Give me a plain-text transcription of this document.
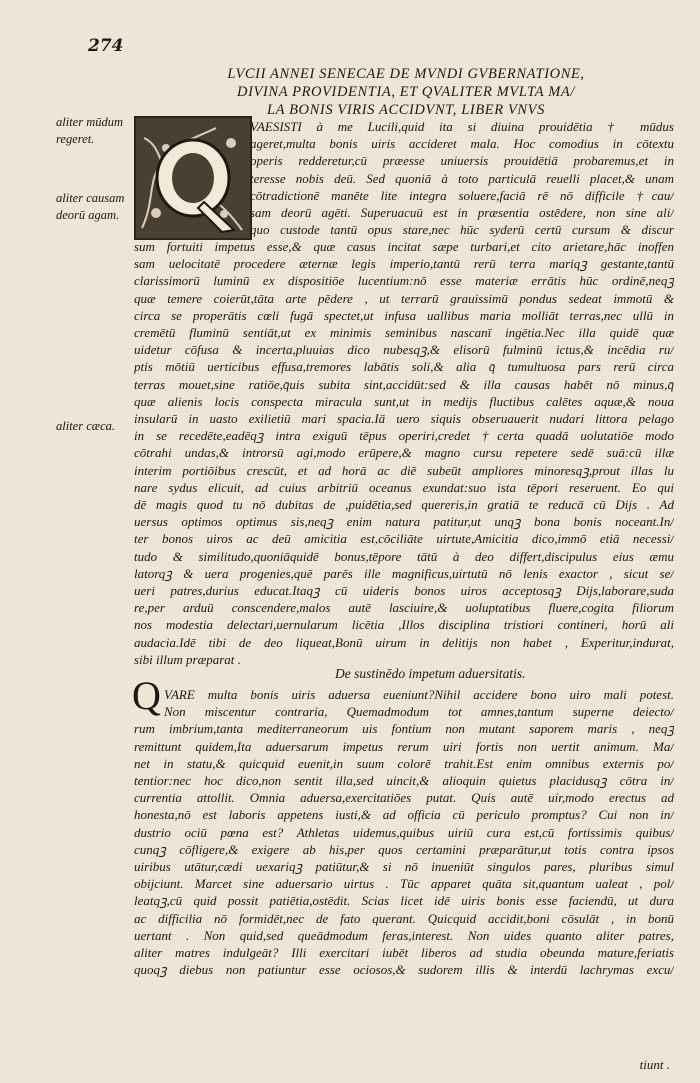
274
LVCII ANNEI SENECAE DE MVNDI GVBERNATIONE,
DIVINA PROVIDENTIA, ET QVALITER MVLTA MA/
LA BONIS VIRIS ACCIDVNT, LIBER VNVS
aliter mūdum regeret.
aliter causam deorū agam.
aliter cæca.
De sustinēdo impetum aduersitatis.
Q
tiunt .
VAESISTI à me Lucili,quid ita si diuina prouidētia † mūdus
ageret,multa bonis uiris accideret mala. Hoc comodius in cōtextu
operis redderetur,cū præesse uniuersis prouidētiā probaremus,et in
teresse nobis deū. Sed quoniā à toto particulā reuelli placet,& unam
cōtradictionē manēte lite integra soluere,faciā rē nō difficile †cau/
sam deorū agēti. Superuacuū est in præsentia ostēdere, non sine ali/
quo custode tantū opus stare,nec hūc syderū certū cursum & discur
sum fortuiti impetus esse,& quæ casus incitat sæpe turbari,et cito arietare,hāc inoffen
sam uelocitatē procedere æternæ legis imperio,tantū rerū terra mariqꝫ gestante,tantū
clarissimorū luminū ex dispositiōe lucentium:nō esse materiæ errātis hūc ordinē,neqꝫ
quæ temere coierūt,tāta arte pēdere , ut terrarū grauissimū pondus sedeat immotū &
circa se properātis cœli fugā spectet,ut infusa uallibus maria molliāt terras,nec ullū in
cremētū fluminū sentiāt,ut ex minimis seminibus nascanī ingētia.Nec illa quidē quæ
uidetur cōfusa & incerta,pluuias dico nubesqꝫ,& elisorū fulminū ictus,& incēdia ru/
ptis mōtiū uerticibus effusa,tremores labātis soli,& alia q̄ tumultuosa pars rerū circa
terras mouet,sine ratiōe,q̄uis subita sint,accidūt:sed & illa causas habēt nō minus,q̄
quæ alienis locis conspecta miracula sunt,ut in medijs fluctibus calētes aquæ,& noua
insularū in uasto exilietiū mari spacia.Iā uero siquis obseruauerit nudari littora pelago
in se recedēte,eadēqꝫ intra exiguū tēpus operiri,credet †certa quadā uolutatiōe modo
cōtrahi undas,& introrsū agi,modo erūpere,& magno cursu repetere sedē suā:cū illæ
interim portiōibus crescūt, et ad horā ac diē subeūt ampliores minoresqꝫ,prout illas lu
nare sydus elicuit, ad cuius arbitriū oceanus exundat:suo ista tēpori reseruent. Eo qui
dē magis quod tu nō dubitas de ,puidētia,sed quereris,in gratiā te reducā cū Dijs . Ad
uersus optimos optimus sis,neqꝫ enim natura patitur,ut unqꝫ bona bonis noceant.In/
ter bonos uiros ac deū amicitia est,cōciliāte uirtute,Amicitia dico,immō etiā necessi/
tudo & similitudo,quoniāquidē bonus,tēpore tātū à deo differt,discipulus eius æmu
latorqꝫ & uera progenies,quē parēs ille magnificus,uirtutū nō lenis exactor , sicut se/
ueri patres,durius educat.Itaqꝫ cū uideris bonos uiros acceptosqꝫ Dijs,laborare,suda
re,per arduū conscendere,malos autē lasciuire,& uoluptatibus fluere,cogita filiorum
nos modestia delectari,uernularum licētia ,Illos disciplina tristiori contineri, horū ali
audacia.Idē tibi de deo liqueat,Bonū uirum in delitijs non habet , Experitur,indurat,
sibi illum præparat .
VARE multa bonis uiris aduersa eueniunt?Nihil accidere bono uiro mali potest.
Non miscentur contraria, Quemadmodum tot amnes,tantum superne deiecto/
rum imbrium,tanta mediterraneorum uis fontium non mutant saporem maris , neqꝫ
remittunt quidem,Ita aduersarum impetus rerum uiri fortis non uertit animum. Ma/
net in statu,& quicquid euenit,in suum colorē trahit.Est enim omnibus externis po/
tentior:nec hoc dico,non sentit illa,sed uincit,& alioquin quietus placidusqꝫ cōtra in/
currentia attollit. Omnia aduersa,exercitatiōes putat. Quis autē uir,modo erectus ad
honesta,nō est laboris appetens iusti,& ad officia cū periculo promptus? Cui non in/
dustrio ociū pœna est? Athletas uidemus,quibus uiriū cura est,cū fortissimis quibus/
cunqꝫ cōfligere,& exigere ab his,per quos certamini præparātur,ut totis contra ipsos
uiribus utātur,cædi uexariqꝫ patiūtur,& si nō inueniūt singulos pares, pluribus simul
obijciunt. Marcet sine aduersario uirtus . Tūc apparet quāta sit,quantum ualeat , pol/
leatqꝫ,cū quid possit patiētia,ostēdit. Scias licet idē uiris bonis esse faciendū, ut dura
ac difficilia nō formidēt,nec de fato querant. Quicquid accidit,boni cōsulāt , in bonū
uertant . Non quid,sed queādmodum feras,interest. Non uides quanto aliter patres,
aliter matres indulgeāt? Illi exercitari iubēt liberos ad studia obeunda mature,feriatis
quoqꝫ diebus non patiuntur esse ociosos,& sudorem illis & interdū lachrymas excu/
